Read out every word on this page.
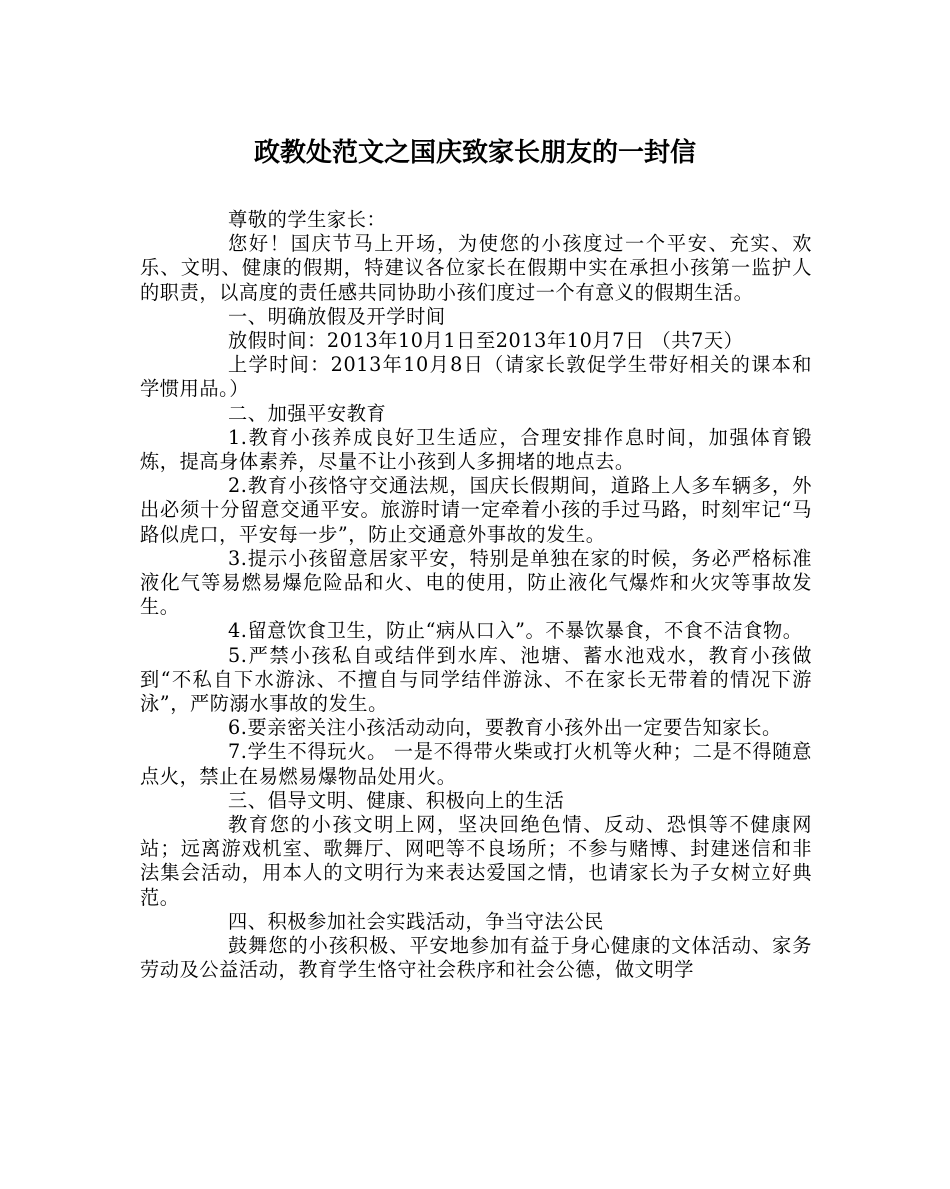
政教处范文之国庆致家长朋友的一封信

尊敬的学生家长：

您好！国庆节马上开场，为使您的小孩度过一个平安、充实、欢乐、文明、健康的假期，特建议各位家长在假期中实在承担小孩第一监护人的职责，以高度的责任感共同协助小孩们度过一个有意义的假期生活。

一、明确放假及开学时间

放假时间：2013年10月1日至2013年10月7日 （共7天）

上学时间：2013年10月8日（请家长敦促学生带好相关的课本和学惯用品。）

二、加强平安教育

1.教育小孩养成良好卫生适应，合理安排作息时间，加强体育锻炼，提高身体素养，尽量不让小孩到人多拥堵的地点去。

2.教育小孩恪守交通法规，国庆长假期间，道路上人多车辆多，外出必须十分留意交通平安。旅游时请一定牵着小孩的手过马路，时刻牢记“马路似虎口，平安每一步”，防止交通意外事故的发生。

3.提示小孩留意居家平安，特别是单独在家的时候，务必严格标准液化气等易燃易爆危险品和火、电的使用，防止液化气爆炸和火灾等事故发生。

4.留意饮食卫生，防止“病从口入”。不暴饮暴食，不食不洁食物。

5.严禁小孩私自或结伴到水库、池塘、蓄水池戏水，教育小孩做到“不私自下水游泳、不擅自与同学结伴游泳、不在家长无带着的情况下游泳”，严防溺水事故的发生。

6.要亲密关注小孩活动动向，要教育小孩外出一定要告知家长。

7.学生不得玩火。 一是不得带火柴或打火机等火种；二是不得随意点火，禁止在易燃易爆物品处用火。

三、倡导文明、健康、积极向上的生活

教育您的小孩文明上网，坚决回绝色情、反动、恐惧等不健康网站；远离游戏机室、歌舞厅、网吧等不良场所；不参与赌博、封建迷信和非法集会活动，用本人的文明行为来表达爱国之情，也请家长为子女树立好典范。

四、积极参加社会实践活动，争当守法公民

鼓舞您的小孩积极、平安地参加有益于身心健康的文体活动、家务劳动及公益活动，教育学生恪守社会秩序和社会公德，做文明学
